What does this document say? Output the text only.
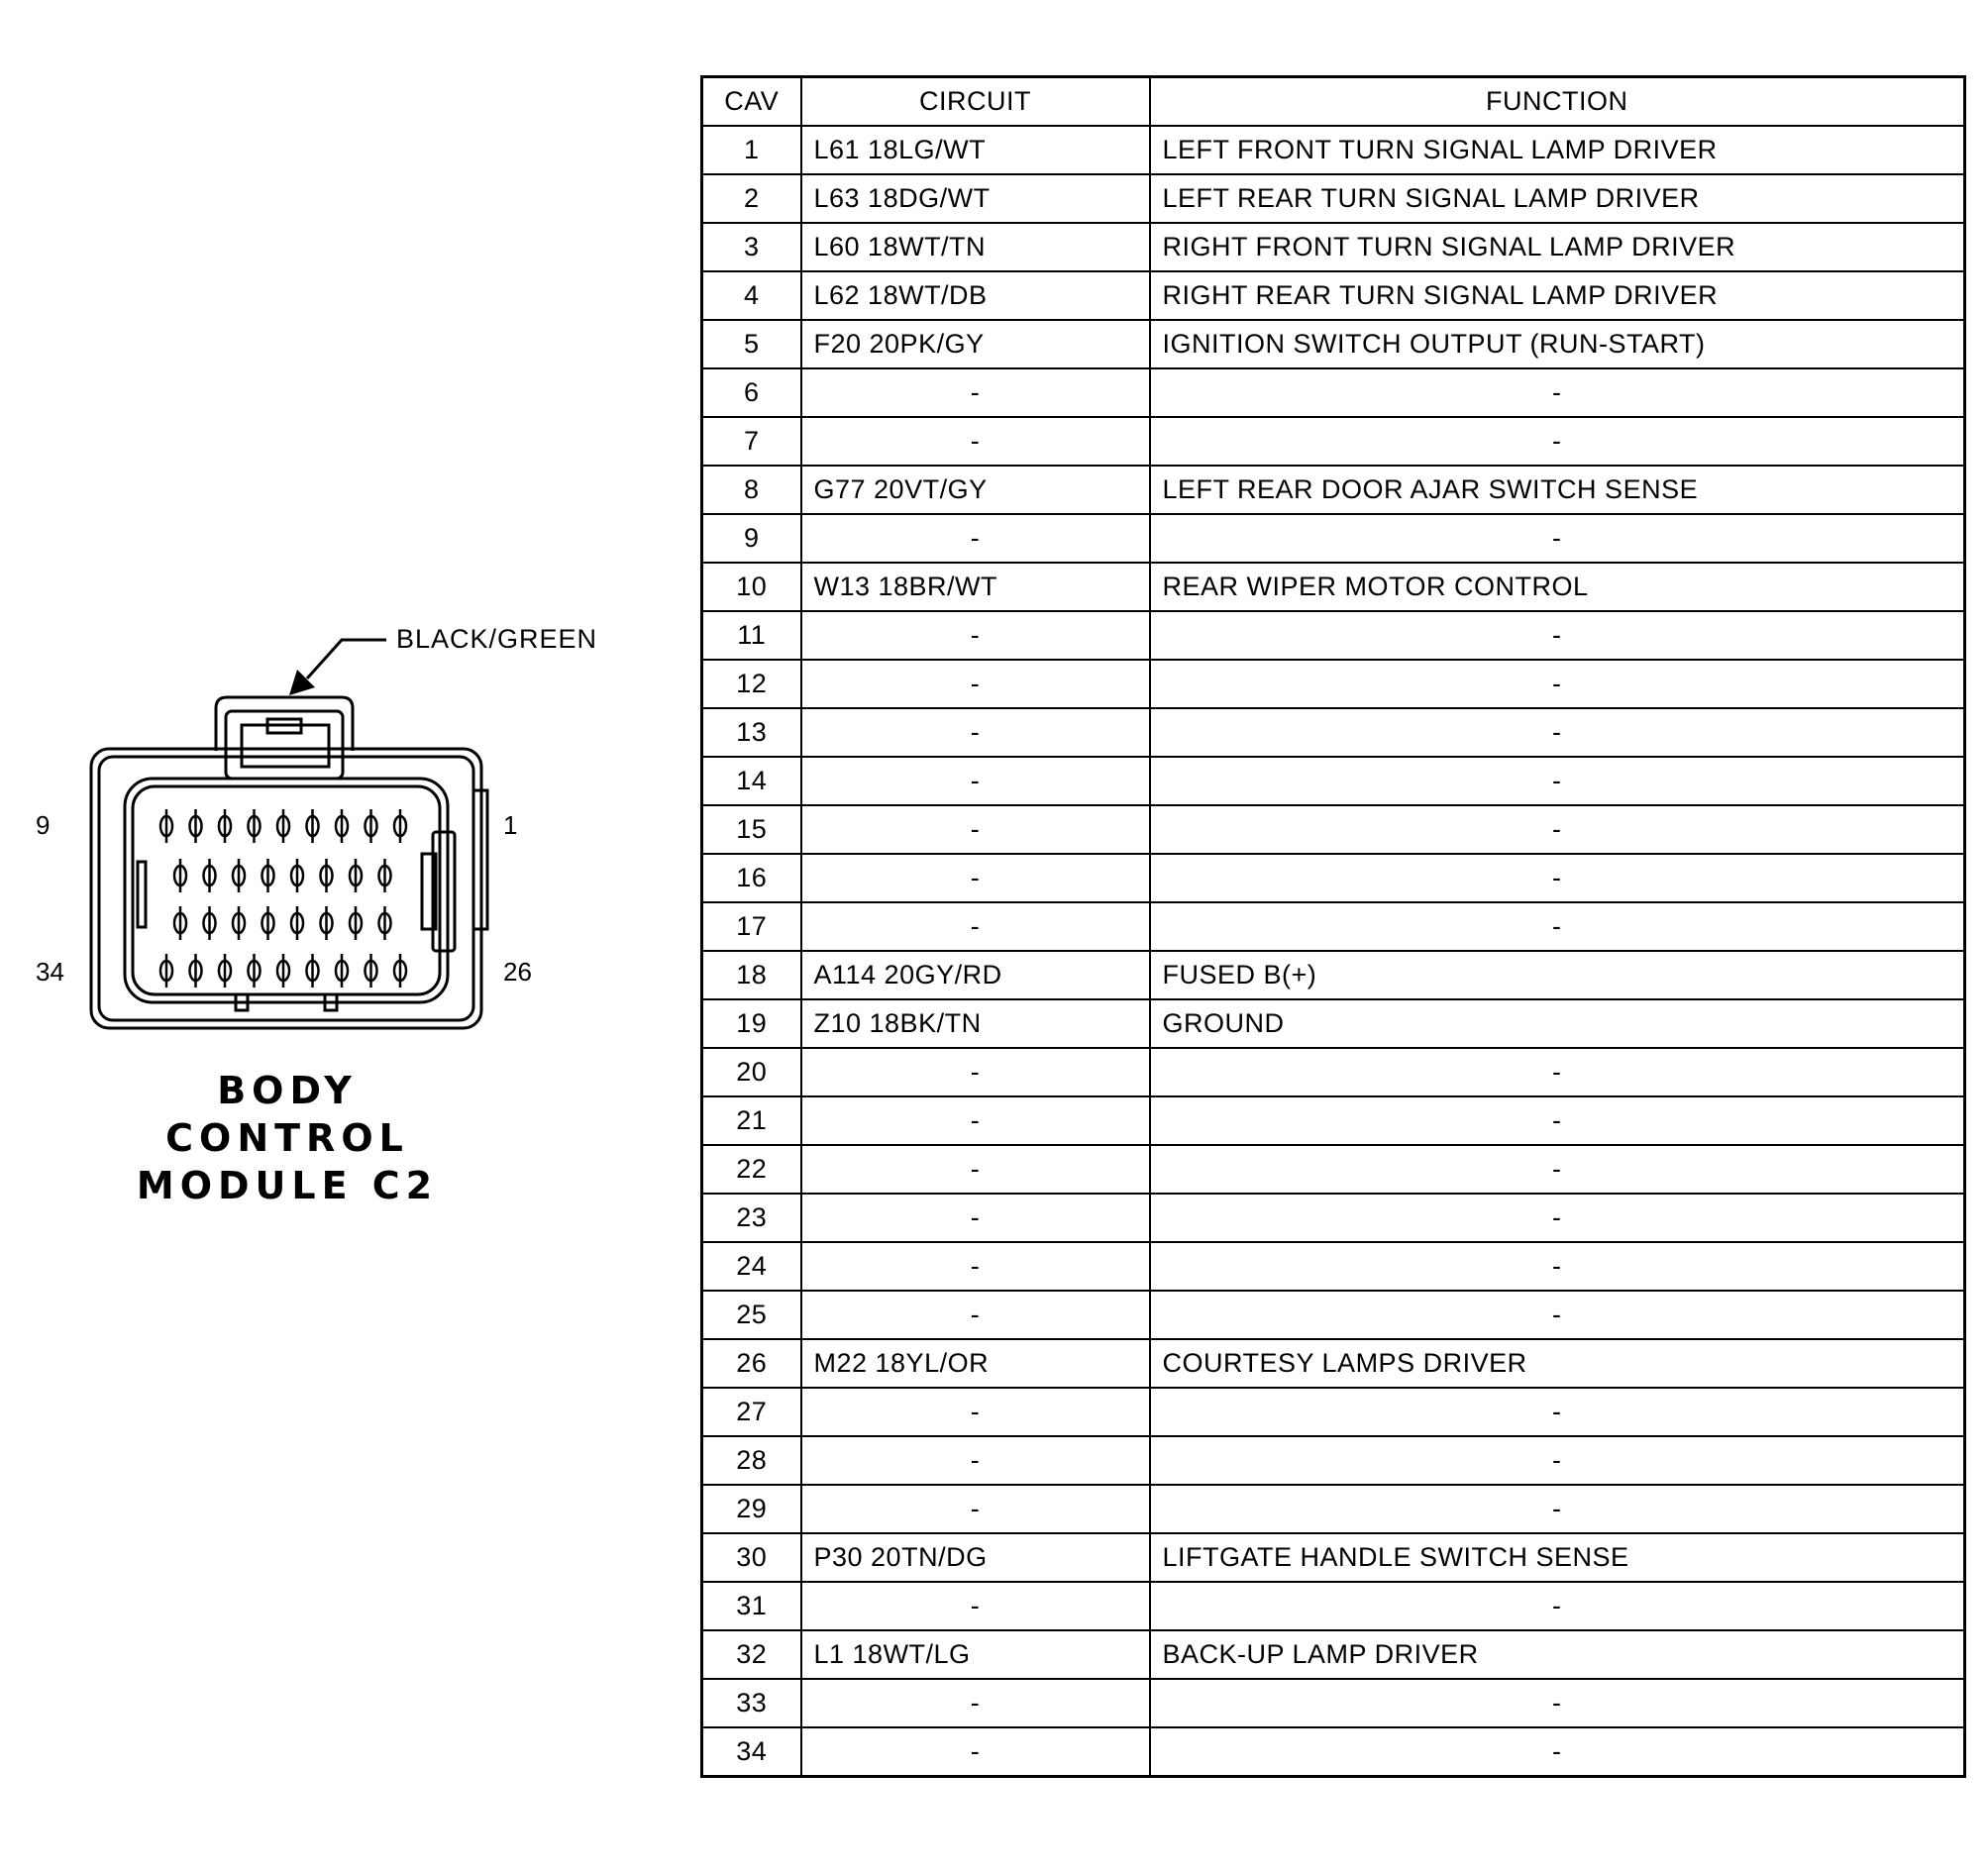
BLACK/GREEN
9	1
34	26
BODY
CONTROL
MODULE C2
CAV	CIRCUIT	FUNCTION
1	L61 18LG/WT	LEFT FRONT TURN SIGNAL LAMP DRIVER
2	L63 18DG/WT	LEFT REAR TURN SIGNAL LAMP DRIVER
3	L60 18WT/TN	RIGHT FRONT TURN SIGNAL LAMP DRIVER
4	L62 18WT/DB	RIGHT REAR TURN SIGNAL LAMP DRIVER
5	F20 20PK/GY	IGNITION SWITCH OUTPUT (RUN-START)
6	-	-
7	-	-
8	G77 20VT/GY	LEFT REAR DOOR AJAR SWITCH SENSE
9	-	-
10	W13 18BR/WT	REAR WIPER MOTOR CONTROL
11	-	-
12	-	-
13	-	-
14	-	-
15	-	-
16	-	-
17	-	-
18	A114 20GY/RD	FUSED B(+)
19	Z10 18BK/TN	GROUND
20	-	-
21	-	-
22	-	-
23	-	-
24	-	-
25	-	-
26	M22 18YL/OR	COURTESY LAMPS DRIVER
27	-	-
28	-	-
29	-	-
30	P30 20TN/DG	LIFTGATE HANDLE SWITCH SENSE
31	-	-
32	L1 18WT/LG	BACK-UP LAMP DRIVER
33	-	-
34	-	-
